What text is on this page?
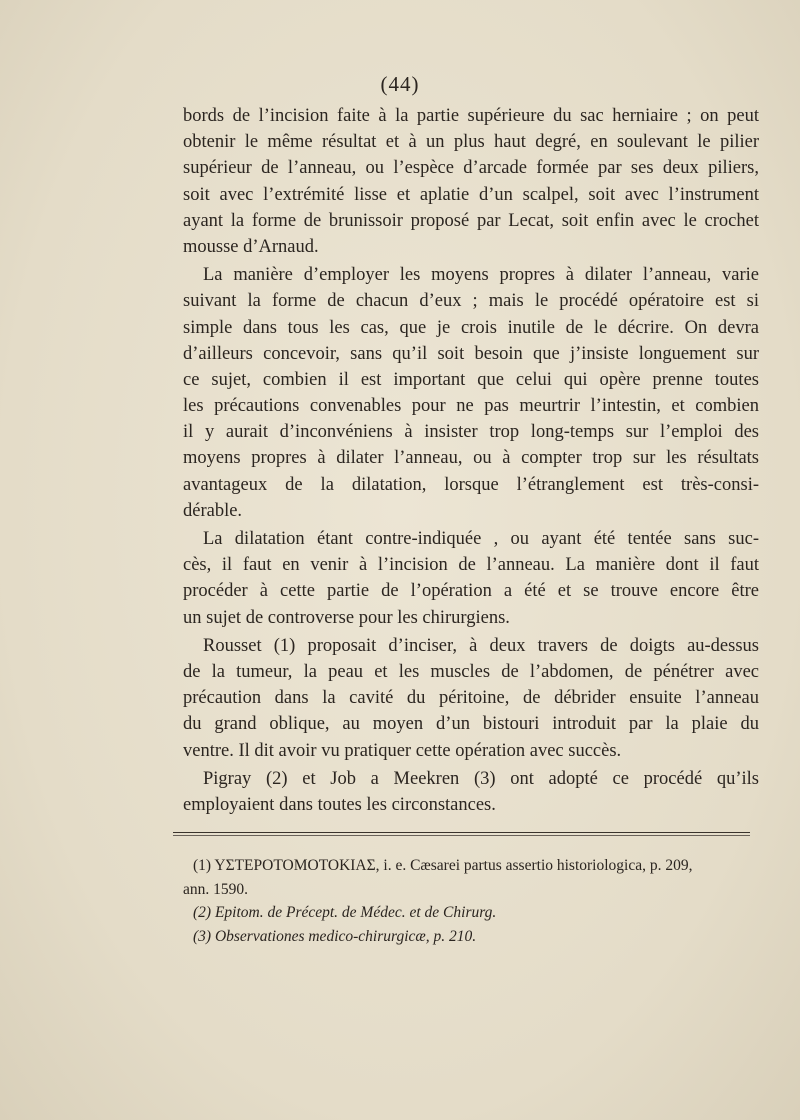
(44)
bords de l’incision faite à la partie supérieure du sac herniaire ; on peut
obtenir le même résultat et à un plus haut degré, en soulevant le pilier
supérieur de l’anneau, ou l’espèce d’arcade formée par ses deux piliers,
soit avec l’extrémité lisse et aplatie d’un scalpel, soit avec l’instrument
ayant la forme de brunissoir proposé par Lecat, soit enfin avec le crochet
mousse d’Arnaud.
La manière d’employer les moyens propres à dilater l’anneau, varie
suivant la forme de chacun d’eux ; mais le procédé opératoire est si
simple dans tous les cas, que je crois inutile de le décrire. On devra
d’ailleurs concevoir, sans qu’il soit besoin que j’insiste longuement sur
ce sujet, combien il est important que celui qui opère prenne toutes
les précautions convenables pour ne pas meurtrir l’intestin, et combien
il y aurait d’inconvéniens à insister trop long-temps sur l’emploi des
moyens propres à dilater l’anneau, ou à compter trop sur les résultats
avantageux de la dilatation, lorsque l’étranglement est très-consi-
dérable.
La dilatation étant contre-indiquée , ou ayant été tentée sans suc-
cès, il faut en venir à l’incision de l’anneau. La manière dont il faut
procéder à cette partie de l’opération a été et se trouve encore être
un sujet de controverse pour les chirurgiens.
Rousset (1) proposait d’inciser, à deux travers de doigts au-dessus
de la tumeur, la peau et les muscles de l’abdomen, de pénétrer avec
précaution dans la cavité du péritoine, de débrider ensuite l’anneau
du grand oblique, au moyen d’un bistouri introduit par la plaie du
ventre. Il dit avoir vu pratiquer cette opération avec succès.
Pigray (2) et Job a Meekren (3) ont adopté ce procédé qu’ils
employaient dans toutes les circonstances.
(1) ΥΣΤΕΡΟΤΟΜΟΤΟΚΙΑΣ, i. e. Cæsarei partus assertio historiologica, p. 209,
ann. 1590.
(2) Epitom. de Précept. de Médec. et de Chirurg.
(3) Observationes medico-chirurgicæ, p. 210.
